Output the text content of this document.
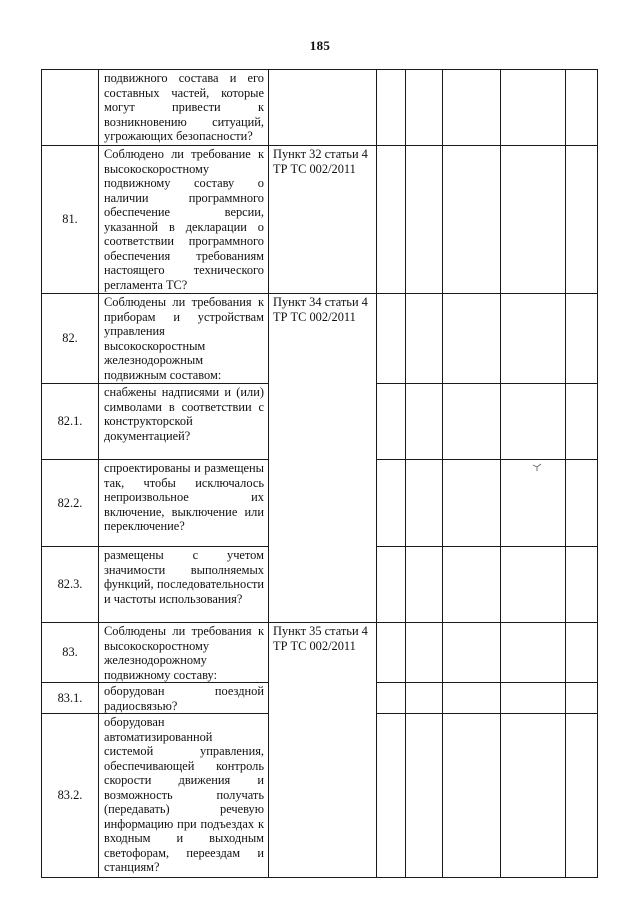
185
	подвижного состава и его составных частей, которые могут привести к возникновению ситуаций, угрожающих безопасности?						
81.	Соблюдено ли требование к высокоскоростному подвижному составу о наличии программного обеспечение версии, указанной в декларации о соответствии программного обеспечения требованиям настоящего технического регламента ТС?	Пункт 32 статьи 4 ТР ТС 002/2011					
82.	Соблюдены ли требования к приборам и устройствам управления высокоскоростным железнодорожным подвижным составом:	Пункт 34 статьи 4 ТР ТС 002/2011					
82.1.	снабжены надписями и (или) символами в соответствии с конструкторской документацией?						
82.2.	спроектированы и размещены так, чтобы исключалось непроизвольное их включение, выключение или переключение?						
82.3.	размещены с учетом значимости выполняемых функций, последовательности и частоты использования?						
83.	Соблюдены ли требования к высокоскоростному железнодорожному подвижному составу:	Пункт 35 статьи 4 ТР ТС 002/2011					
83.1.	оборудован поездной радиосвязью?						
83.2.	оборудован автоматизированной системой управления, обеспечивающей контроль скорости движения и возможность получать (передавать) речевую информацию при подъездах к входным и выходным светофорам, переездам и станциям?						
